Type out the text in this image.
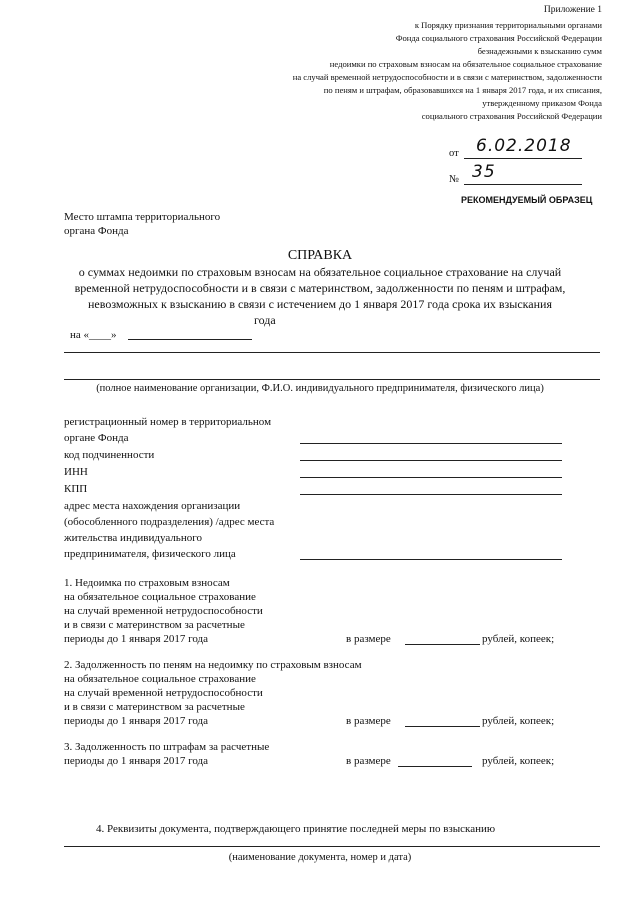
Приложение 1
к Порядку признания территориальными органами
Фонда социального страхования Российской Федерации
безнадежными к взысканию сумм
недоимки по страховым взносам на обязательное социальное страхование
на случай временной нетрудоспособности и в связи с материнством, задолженности
по пеням и штрафам, образовавшихся на 1 января 2017 года, и их списания,
утвержденному приказом Фонда
социального страхования Российской Федерации
от 6.02.2018
№ 35
РЕКОМЕНДУЕМЫЙ ОБРАЗЕЦ
Место штампа территориального
органа Фонда
СПРАВКА
о суммах недоимки по страховым взносам на обязательное социальное страхование на случай
временной нетрудоспособности и в связи с материнством, задолженности по пеням и штрафам,
невозможных к взысканию в связи с истечением до 1 января 2017 года срока их взыскания
года
на «____»
(полное наименование организации, Ф.И.О. индивидуального предпринимателя, физического лица)
регистрационный номер в территориальном
органе Фонда
код подчиненности
ИНН
КПП
адрес места нахождения организации
(обособленного подразделения) /адрес места
жительства индивидуального
предпринимателя, физического лица
1. Недоимка по страховым взносам
на обязательное социальное страхование
на случай временной нетрудоспособности
и в связи с материнством за расчетные
периоды до 1 января 2017 года	в размере	рублей, копеек;
2. Задолженность по пеням на недоимку по страховым взносам
на обязательное социальное страхование
на случай временной нетрудоспособности
и в связи с материнством за расчетные
периоды до 1 января 2017 года	в размере	рублей, копеек;
3. Задолженность по штрафам за расчетные
периоды до 1 января 2017 года	в размере	рублей, копеек;
4. Реквизиты документа, подтверждающего принятие последней меры по взысканию
(наименование документа, номер и дата)
